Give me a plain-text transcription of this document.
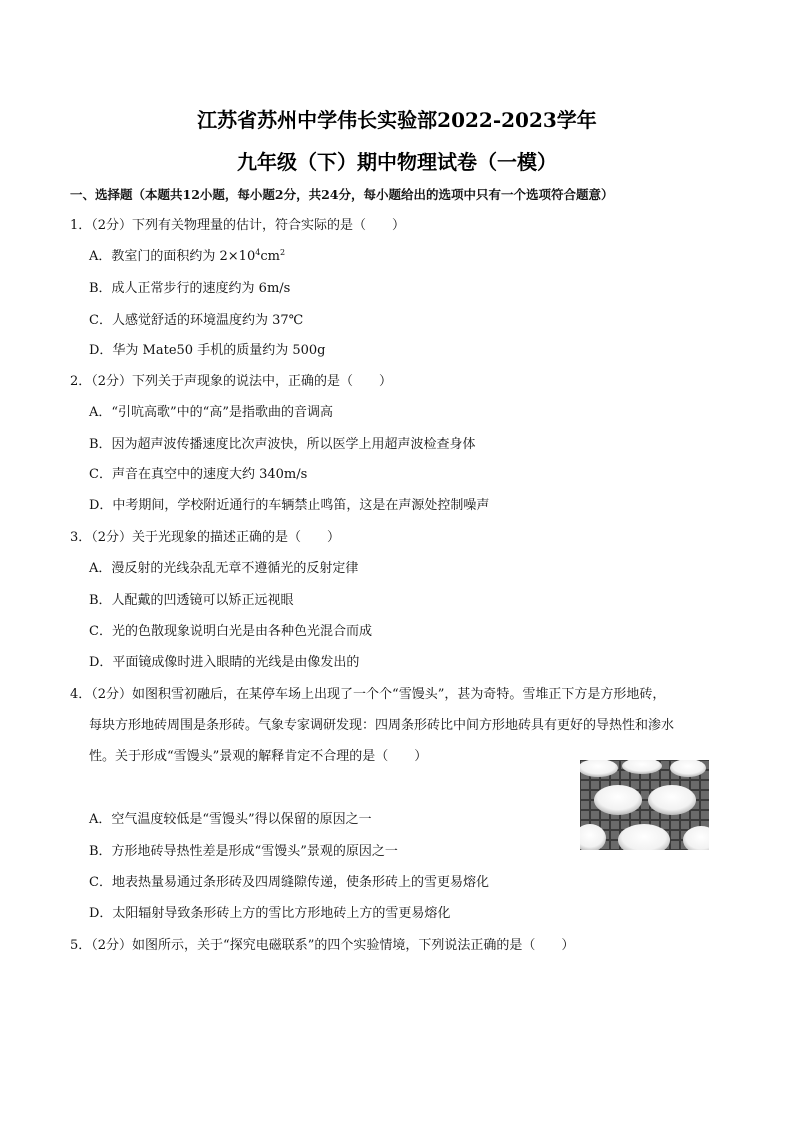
江苏省苏州中学伟长实验部2022-2023学年
九年级（下）期中物理试卷（一模）
一、选择题（本题共12小题，每小题2分，共24分，每小题给出的选项中只有一个选项符合题意）
1．（2分）下列有关物理量的估计，符合实际的是（　　）
A．教室门的面积约为 $2\times 10^4cm^2$
B．成人正常步行的速度约为 6m/s
C．人感觉舒适的环境温度约为 37℃
D．华为 Mate50 手机的质量约为 500g
2．（2分）下列关于声现象的说法中，正确的是（　　）
A．“引吭高歌”中的“高”是指歌曲的音调高
B．因为超声波传播速度比次声波快，所以医学上用超声波检查身体
C．声音在真空中的速度大约 340m/s
D．中考期间，学校附近通行的车辆禁止鸣笛，这是在声源处控制噪声
3．（2分）关于光现象的描述正确的是（　　）
A．漫反射的光线杂乱无章不遵循光的反射定律
B．人配戴的凹透镜可以矫正远视眼
C．光的色散现象说明白光是由各种色光混合而成
D．平面镜成像时进入眼睛的光线是由像发出的
4．（2分）如图积雪初融后，在某停车场上出现了一个个“雪馒头”，甚为奇特。雪堆正下方是方形地砖，
每块方形地砖周围是条形砖。气象专家调研发现：四周条形砖比中间方形地砖具有更好的导热性和渗水
性。关于形成“雪馒头”景观的解释肯定不合理的是（　　）
A．空气温度较低是“雪馒头”得以保留的原因之一
B．方形地砖导热性差是形成“雪馒头”景观的原因之一
C．地表热量易通过条形砖及四周缝隙传递，使条形砖上的雪更易熔化
D．太阳辐射导致条形砖上方的雪比方形地砖上方的雪更易熔化
5．（2分）如图所示，关于“探究电磁联系”的四个实验情境，下列说法正确的是（　　）
